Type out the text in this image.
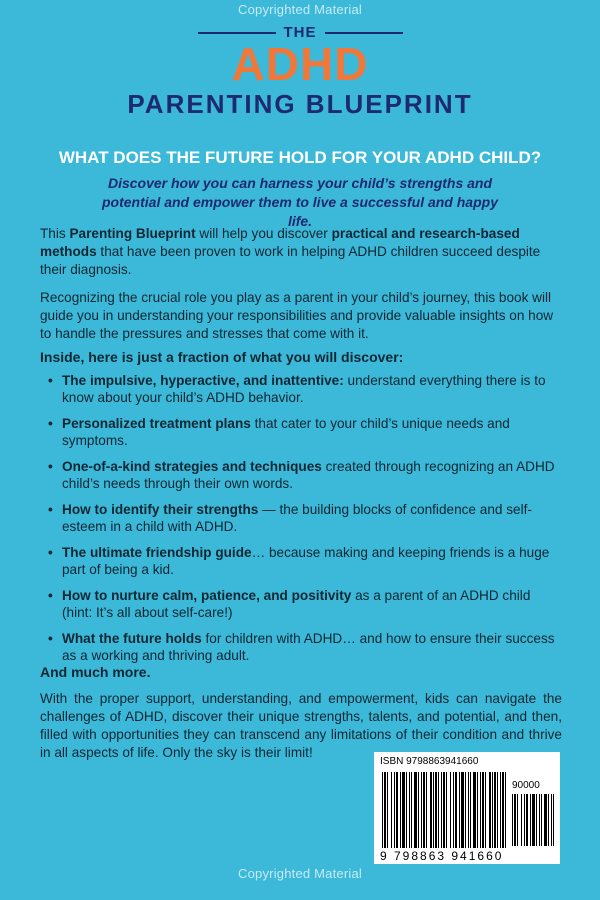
Copyrighted Material
THE
ADHD
PARENTING BLUEPRINT
WHAT DOES THE FUTURE HOLD FOR YOUR ADHD CHILD?
Discover how you can harness your child’s strengths and potential and empower them to live a successful and happy life.
This Parenting Blueprint will help you discover practical and research-based methods that have been proven to work in helping ADHD children succeed despite their diagnosis.
Recognizing the crucial role you play as a parent in your child’s journey, this book will guide you in understanding your responsibilities and provide valuable insights on how to handle the pressures and stresses that come with it.
Inside, here is just a fraction of what you will discover:
• The impulsive, hyperactive, and inattentive: understand everything there is to know about your child’s ADHD behavior.
• Personalized treatment plans that cater to your child’s unique needs and symptoms.
• One-of-a-kind strategies and techniques created through recognizing an ADHD child’s needs through their own words.
• How to identify their strengths — the building blocks of confidence and self-esteem in a child with ADHD.
• The ultimate friendship guide… because making and keeping friends is a huge part of being a kid.
• How to nurture calm, patience, and positivity as a parent of an ADHD child (hint: It’s all about self-care!)
• What the future holds for children with ADHD… and how to ensure their success as a working and thriving adult.
And much more.
With the proper support, understanding, and empowerment, kids can navigate the challenges of ADHD, discover their unique strengths, talents, and potential, and then, filled with opportunities they can transcend any limitations of their condition and thrive in all aspects of life. Only the sky is their limit!
ISBN 9798863941660
9 798863 941660
90000
Copyrighted Material
